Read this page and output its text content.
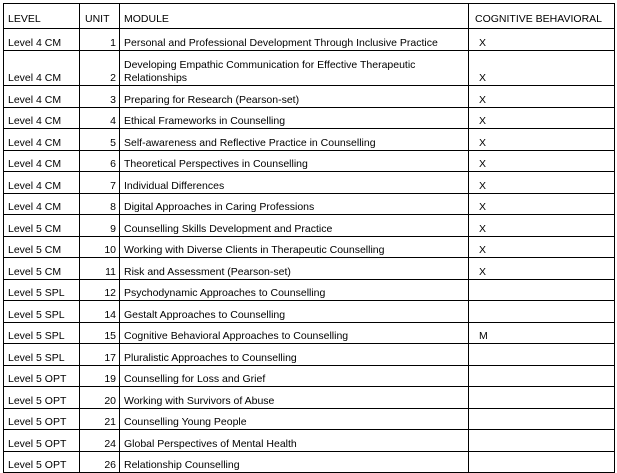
LEVEL	UNIT	MODULE	COGNITIVE BEHAVIORAL
Level 4 CM	1	Personal and Professional Development Through Inclusive Practice	X
Level 4 CM	2	Developing Empathic Communication for Effective Therapeutic Relationships	X
Level 4 CM	3	Preparing for Research (Pearson-set)	X
Level 4 CM	4	Ethical Frameworks in Counselling	X
Level 4 CM	5	Self-awareness and Reflective Practice in Counselling	X
Level 4 CM	6	Theoretical Perspectives in Counselling	X
Level 4 CM	7	Individual Differences	X
Level 4 CM	8	Digital Approaches in Caring Professions	X
Level 5 CM	9	Counselling Skills Development and Practice	X
Level 5 CM	10	Working with Diverse Clients in Therapeutic Counselling	X
Level 5 CM	11	Risk and Assessment (Pearson-set)	X
Level 5 SPL	12	Psychodynamic Approaches to Counselling	
Level 5 SPL	14	Gestalt Approaches to Counselling	
Level 5 SPL	15	Cognitive Behavioral Approaches to Counselling	M
Level 5 SPL	17	Pluralistic Approaches to Counselling	
Level 5 OPT	19	Counselling for Loss and Grief	
Level 5 OPT	20	Working with Survivors of Abuse	
Level 5 OPT	21	Counselling Young People	
Level 5 OPT	24	Global Perspectives of Mental Health	
Level 5 OPT	26	Relationship Counselling	
